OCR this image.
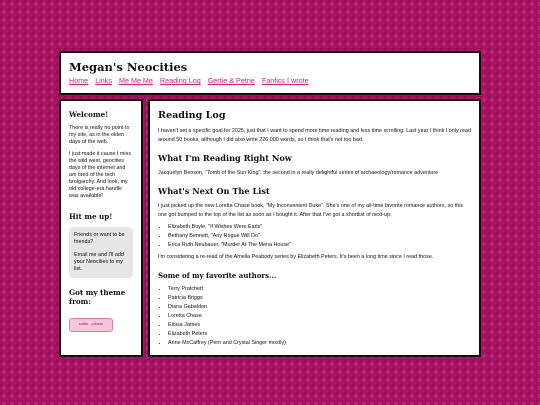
Megan's Neocities
Home Links Me Me Me Reading Log Gertie & Petrie Fanfics I wrote
Welcome!

There is really no point to my site, as in the olden days of the web.

I just made it cause I miss the wild west, geocities days of the internet and am tired of the tech brolgarchy. And look, my old college-era handle was available!

Hit me up!

Friends or want to be friends?

Email me and I'll add your Neocities to my list.

Got my theme from:
sadie . please
Reading Log

I haven't set a specific goal for 2025, just that I want to spend more time reading and less time scrolling. Last year I think I only read around 50 books, although I did also write 226,000 words, so I think that's not too bad.

What I'm Reading Right Now

Jacquelyn Benson, "Tomb of the Sun King": the second in a really delightful series of archaeology/romance adventure

What's Next On The List

I just picked up the new Loretta Chase book, "My Inconvenient Duke". She's one of my all-time favorite romance authors, so this one got bumped to the top of the list as soon as I bought it. After that I've got a shortlist of next-up:

• Elizabeth Boyle, "If Wishes Were Earls"
• Bethany Bennett, "Any Rogue Will Do"
• Erica Ruth Neubauer, "Murder At The Mena House"

I'm considering a re-read of the Amelia Peabody series by Elizabeth Peters. It's been a long time since I read those.

Some of my favorite authors...
• Terry Pratchett
• Patricia Briggs
• Diana Gabaldon
• Loretta Chase
• Eloisa James
• Elizabeth Peters
• Anne McCaffrey (Pern and Crystal Singer mostly)
